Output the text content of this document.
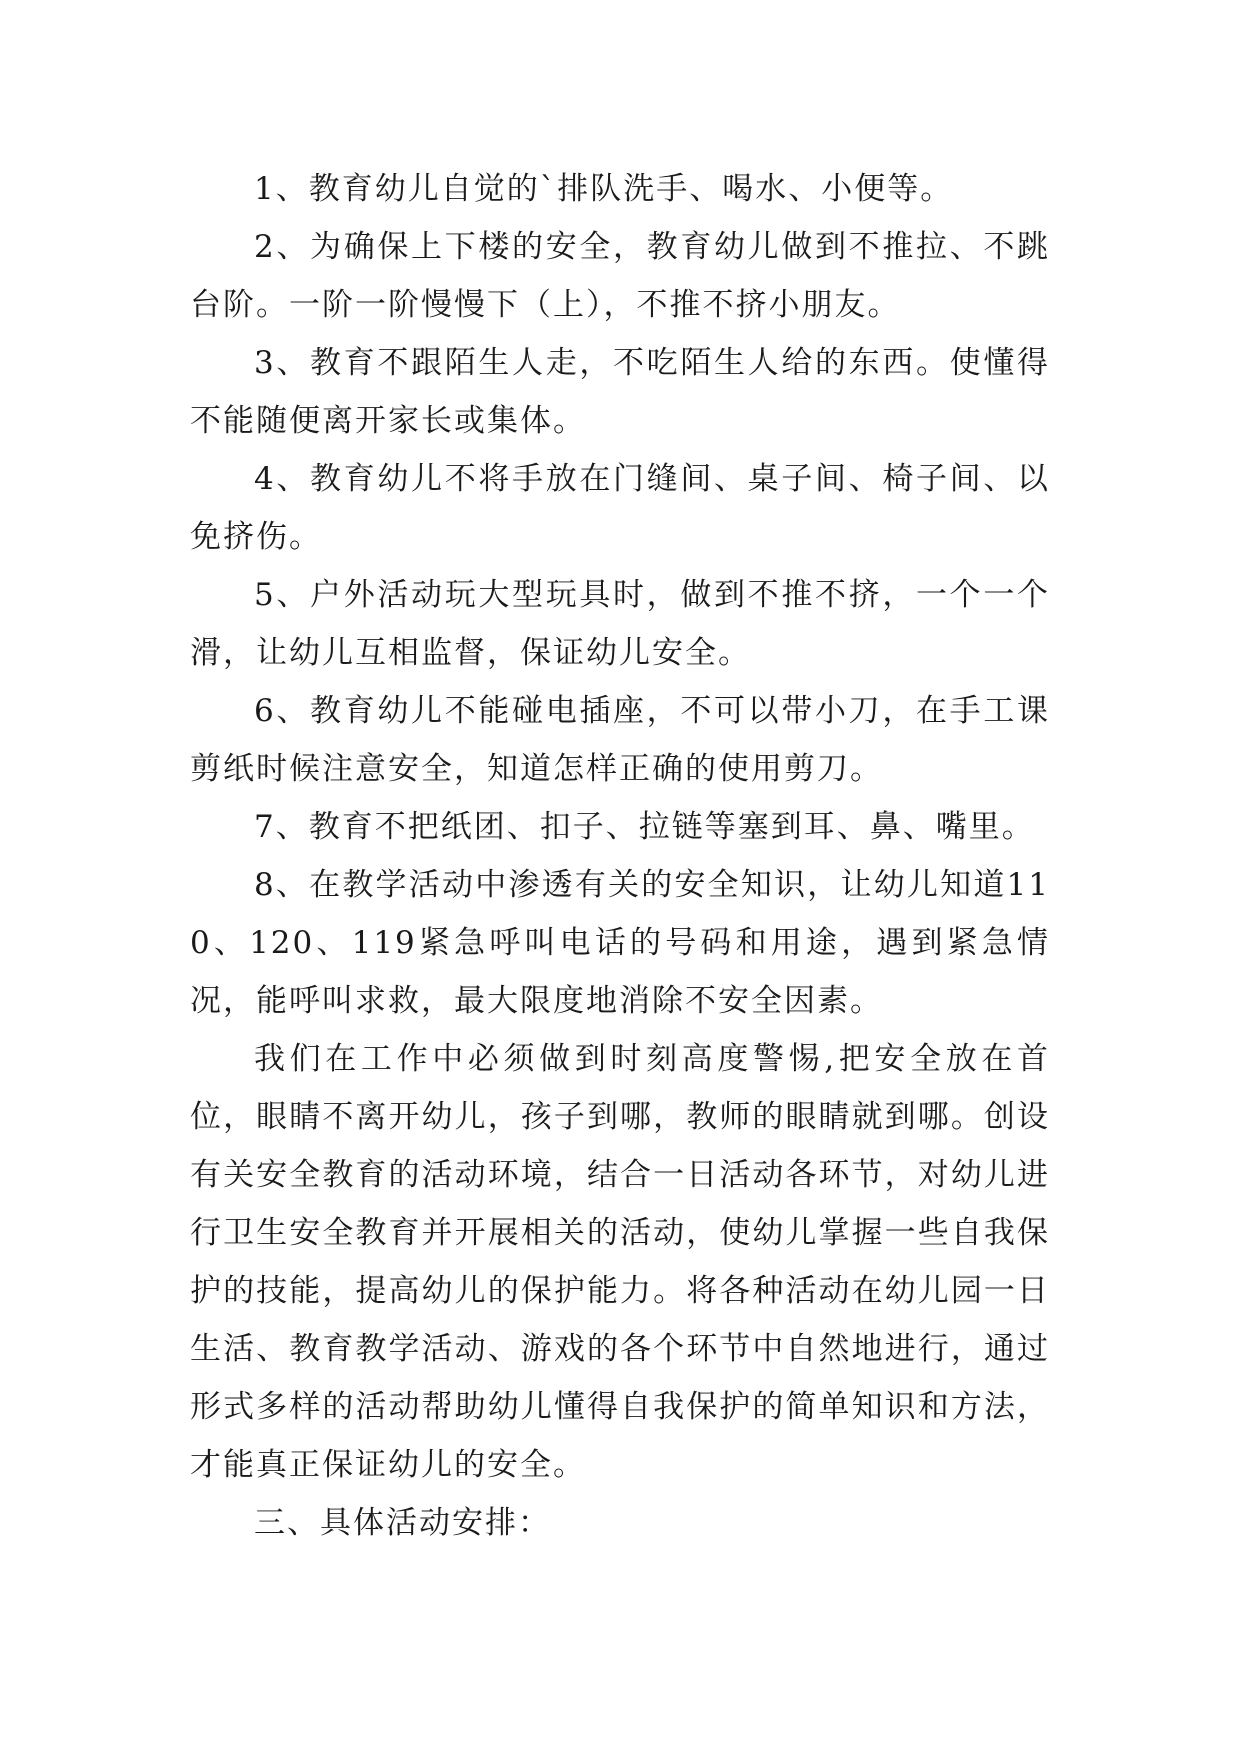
1、教育幼儿自觉的`排队洗手、喝水、小便等。

2、为确保上下楼的安全，教育幼儿做到不推拉、不跳台阶。一阶一阶慢慢下（上），不推不挤小朋友。

3、教育不跟陌生人走，不吃陌生人给的东西。使懂得不能随便离开家长或集体。

4、教育幼儿不将手放在门缝间、桌子间、椅子间、以免挤伤。

5、户外活动玩大型玩具时，做到不推不挤，一个一个滑，让幼儿互相监督，保证幼儿安全。

6、教育幼儿不能碰电插座，不可以带小刀，在手工课剪纸时候注意安全，知道怎样正确的使用剪刀。

7、教育不把纸团、扣子、拉链等塞到耳、鼻、嘴里。

8、在教学活动中渗透有关的安全知识，让幼儿知道110、120、119紧急呼叫电话的号码和用途，遇到紧急情况，能呼叫求救，最大限度地消除不安全因素。

我们在工作中必须做到时刻高度警惕,把安全放在首位，眼睛不离开幼儿，孩子到哪，教师的眼睛就到哪。创设有关安全教育的活动环境，结合一日活动各环节，对幼儿进行卫生安全教育并开展相关的活动，使幼儿掌握一些自我保护的技能，提高幼儿的保护能力。将各种活动在幼儿园一日生活、教育教学活动、游戏的各个环节中自然地进行，通过形式多样的活动帮助幼儿懂得自我保护的简单知识和方法，才能真正保证幼儿的安全。

三、具体活动安排：
